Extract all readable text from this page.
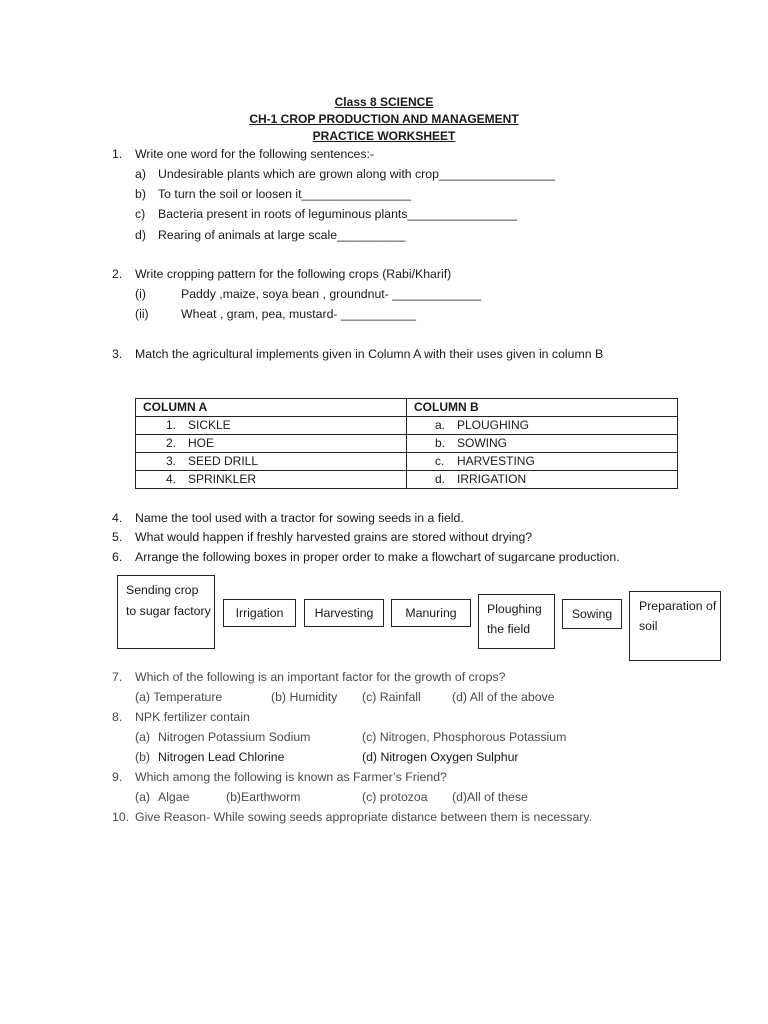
Class 8 SCIENCE
CH-1 CROP PRODUCTION AND MANAGEMENT
PRACTICE WORKSHEET
1. Write one word for the following sentences:-
a) Undesirable plants which are grown along with crop_________________
b) To turn the soil or loosen it________________
c) Bacteria present in roots of leguminous plants________________
d) Rearing of animals at large scale__________
2. Write cropping pattern for the following crops (Rabi/Kharif)
(i)	Paddy ,maize, soya bean , groundnut- _____________
(ii)	Wheat , gram, pea, mustard- ___________
3. Match the agricultural implements given in Column A with their uses given in column B
COLUMN A	COLUMN B
1. SICKLE	a. PLOUGHING
2. HOE	b. SOWING
3. SEED DRILL	c. HARVESTING
4. SPRINKLER	d. IRRIGATION
4. Name the tool used with a tractor for sowing seeds in a field.
5. What would happen if freshly harvested grains are stored without drying?
6. Arrange the following boxes in proper order to make a flowchart of sugarcane production.
Sending crop to sugar factory	Irrigation	Harvesting	Manuring	Ploughing the field
Sowing
Preparation of soil
7. Which of the following is an important factor for the growth of crops?
(a) Temperature	(b) Humidity (c) Rainfall	(d) All of the above
8. NPK fertilizer contain
(a) Nitrogen Potassium Sodium	(c) Nitrogen, Phosphorous Potassium
(b) Nitrogen Lead Chlorine	(d) Nitrogen Oxygen Sulphur
9. Which among the following is known as Farmer’s Friend?
(a) Algae	(b)Earthworm	(c) protozoa (d)All of these
10. Give Reason- While sowing seeds appropriate distance between them is necessary.
